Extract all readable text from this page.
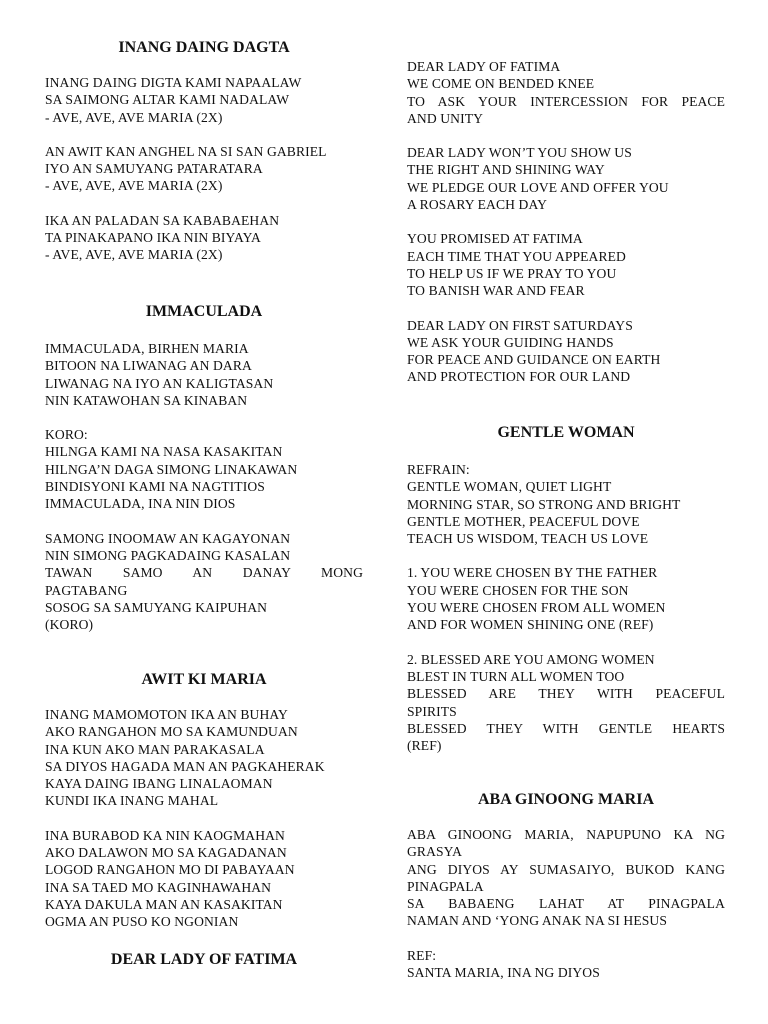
INANG DAING DAGTA
INANG DAING DIGTA KAMI NAPAALAW
SA SAIMONG ALTAR KAMI NADALAW
- AVE, AVE, AVE MARIA (2X)
AN AWIT KAN ANGHEL NA SI SAN GABRIEL
IYO AN SAMUYANG PATARATARA
- AVE, AVE, AVE MARIA (2X)
IKA AN PALADAN SA KABABAEHAN
TA PINAKAPANO IKA NIN BIYAYA
- AVE, AVE, AVE MARIA (2X)
IMMACULADA
IMMACULADA, BIRHEN MARIA
BITOON NA LIWANAG AN DARA
LIWANAG NA IYO AN KALIGTASAN
NIN KATAWOHAN SA KINABAN
KORO:
HILNGA KAMI NA NASA KASAKITAN
HILNGA’N DAGA SIMONG LINAKAWAN
BINDISYONI KAMI NA NAGTITIOS
IMMACULADA, INA NIN DIOS
SAMONG INOOMAW AN KAGAYONAN
NIN SIMONG PAGKADAING KASALAN
TAWAN SAMO AN DANAY MONG
PAGTABANG
SOSOG SA SAMUYANG KAIPUHAN
(KORO)
AWIT KI MARIA
INANG MAMOMOTON IKA AN BUHAY
AKO RANGAHON MO SA KAMUNDUAN
INA KUN AKO MAN PARAKASALA
SA DIYOS HAGADA MAN AN PAGKAHERAK
KAYA DAING IBANG LINALAOMAN
KUNDI IKA INANG MAHAL
INA BURABOD KA NIN KAOGMAHAN
AKO DALAWON MO SA KAGADANAN
LOGOD RANGAHON MO DI PABAYAAN
INA SA TAED MO KAGINHAWAHAN
KAYA DAKULA MAN AN KASAKITAN
OGMA AN PUSO KO NGONIAN
DEAR LADY OF FATIMA
DEAR LADY OF FATIMA
WE COME ON BENDED KNEE
TO ASK YOUR INTERCESSION FOR PEACE
AND UNITY
DEAR LADY WON’T YOU SHOW US
THE RIGHT AND SHINING WAY
WE PLEDGE OUR LOVE AND OFFER YOU
A ROSARY EACH DAY
YOU PROMISED AT FATIMA
EACH TIME THAT YOU APPEARED
TO HELP US IF WE PRAY TO YOU
TO BANISH WAR AND FEAR
DEAR LADY ON FIRST SATURDAYS
WE ASK YOUR GUIDING HANDS
FOR PEACE AND GUIDANCE ON EARTH
AND PROTECTION FOR OUR LAND
GENTLE WOMAN
REFRAIN:
GENTLE WOMAN, QUIET LIGHT
MORNING STAR, SO STRONG AND BRIGHT
GENTLE MOTHER, PEACEFUL DOVE
TEACH US WISDOM, TEACH US LOVE
1. YOU WERE CHOSEN BY THE FATHER
YOU WERE CHOSEN FOR THE SON
YOU WERE CHOSEN FROM ALL WOMEN
AND FOR WOMEN SHINING ONE (REF)
2. BLESSED ARE YOU AMONG WOMEN
BLEST IN TURN ALL WOMEN TOO
BLESSED ARE THEY WITH PEACEFUL
SPIRITS
BLESSED THEY WITH GENTLE HEARTS
(REF)
ABA GINOONG MARIA
ABA GINOONG MARIA, NAPUPUNO KA NG
GRASYA
ANG DIYOS AY SUMASAIYO, BUKOD KANG
PINAGPALA
SA BABAENG LAHAT AT PINAGPALA
NAMAN AND ‘YONG ANAK NA SI HESUS
REF:
SANTA MARIA, INA NG DIYOS
